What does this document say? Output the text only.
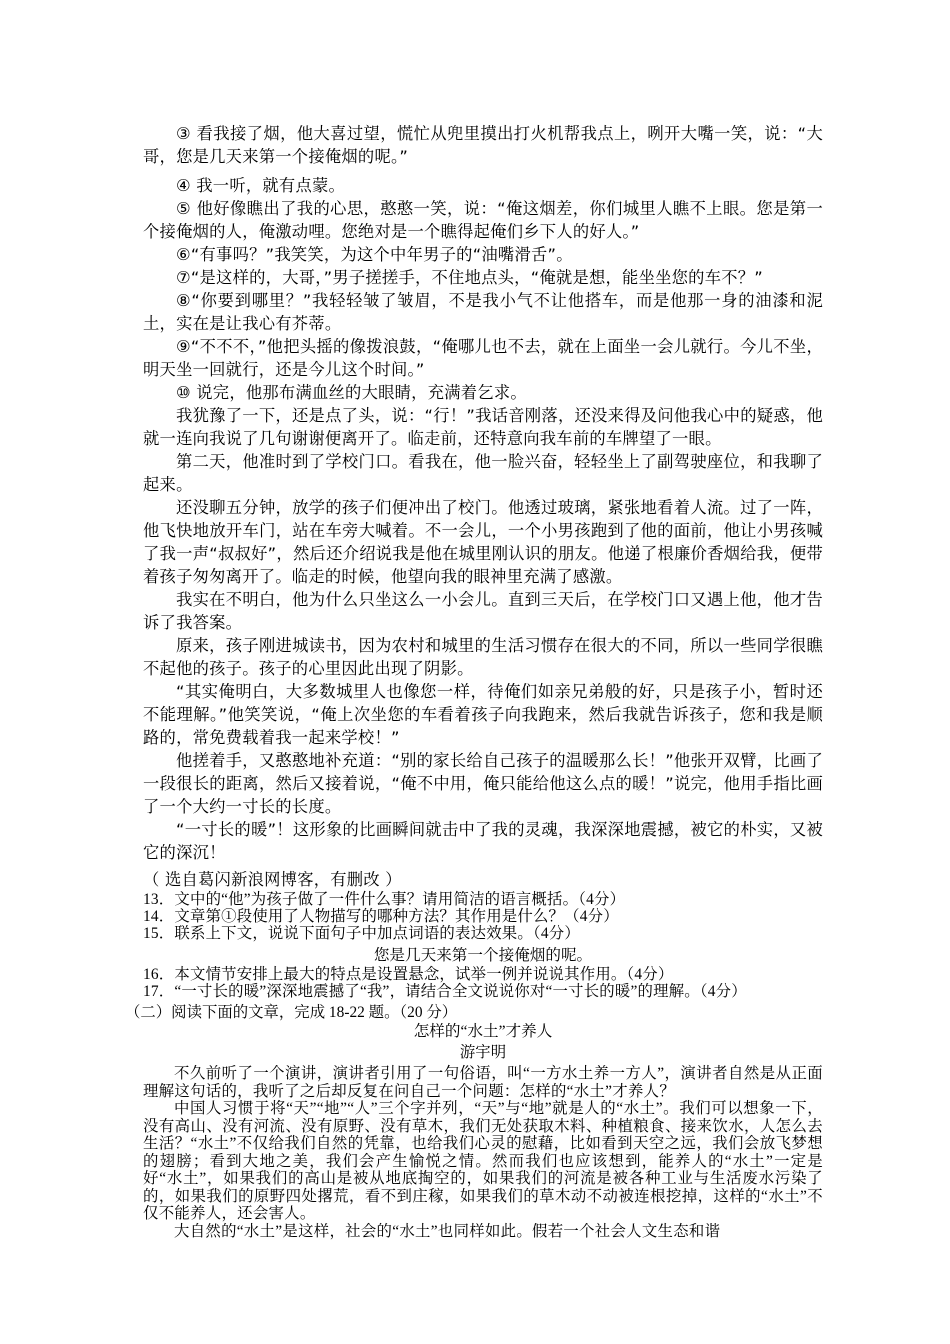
③ 看我接了烟，他大喜过望，慌忙从兜里摸出打火机帮我点上，咧开大嘴一笑，说：“大哥，您是几天来第一个接俺烟的呢。”

④ 我一听，就有点蒙。

⑤ 他好像瞧出了我的心思，憨憨一笑，说：“俺这烟差，你们城里人瞧不上眼。您是第一个接俺烟的人，俺激动哩。您绝对是一个瞧得起俺们乡下人的好人。”

⑥“有事吗？”我笑笑，为这个中年男子的“油嘴滑舌”。

⑦“是这样的，大哥，”男子搓搓手，不住地点头，“俺就是想，能坐坐您的车不？”

⑧“你要到哪里？”我轻轻皱了皱眉，不是我小气不让他搭车，而是他那一身的油漆和泥土，实在是让我心有芥蒂。

⑨“不不不，”他把头摇的像拨浪鼓，“俺哪儿也不去，就在上面坐一会儿就行。今儿不坐，明天坐一回就行，还是今儿这个时间。”

⑩ 说完，他那布满血丝的大眼睛，充满着乞求。

我犹豫了一下，还是点了头，说：“行！”我话音刚落，还没来得及问他我心中的疑惑，他就一连向我说了几句谢谢便离开了。临走前，还特意向我车前的车牌望了一眼。

第二天，他准时到了学校门口。看我在，他一脸兴奋，轻轻坐上了副驾驶座位，和我聊了起来。

还没聊五分钟，放学的孩子们便冲出了校门。他透过玻璃，紧张地看着人流。过了一阵，他飞快地放开车门，站在车旁大喊着。不一会儿，一个小男孩跑到了他的面前，他让小男孩喊了我一声“叔叔好”，然后还介绍说我是他在城里刚认识的朋友。他递了根廉价香烟给我，便带着孩子匆匆离开了。临走的时候，他望向我的眼神里充满了感激。

我实在不明白，他为什么只坐这么一小会儿。直到三天后，在学校门口又遇上他，他才告诉了我答案。

原来，孩子刚进城读书，因为农村和城里的生活习惯存在很大的不同，所以一些同学很瞧不起他的孩子。孩子的心里因此出现了阴影。

“其实俺明白，大多数城里人也像您一样，待俺们如亲兄弟般的好，只是孩子小，暂时还不能理解。”他笑笑说，“俺上次坐您的车看着孩子向我跑来，然后我就告诉孩子，您和我是顺路的，常免费载着我一起来学校！”

他搓着手，又憨憨地补充道：“别的家长给自己孩子的温暖那么长！”他张开双臂，比画了一段很长的距离，然后又接着说，“俺不中用，俺只能给他这么点的暖！”说完，他用手指比画了一个大约一寸长的长度。

“一寸长的暖”！这形象的比画瞬间就击中了我的灵魂，我深深地震撼，被它的朴实，又被它的深沉！

（ 选自葛闪新浪网博客，有删改 ）

13．文中的“他”为孩子做了一件什么事？请用简洁的语言概括。（4分）

14．文章第①段使用了人物描写的哪种方法？其作用是什么？（4分）

15．联系上下文，说说下面句子中加点词语的表达效果。（4分）

您是几天来第一个接俺烟的呢。

16．本文情节安排上最大的特点是设置悬念，试举一例并说说其作用。（4分）

17．“一寸长的暖”深深地震撼了“我”，请结合全文说说你对“一寸长的暖”的理解。（4分）

（二）阅读下面的文章，完成 18-22 题。（20 分）

怎样的“水土”才养人

游宇明

不久前听了一个演讲，演讲者引用了一句俗语，叫“一方水土养一方人”，演讲者自然是从正面理解这句话的，我听了之后却反复在问自己一个问题：怎样的“水土”才养人？

中国人习惯于将“天”“地”“人”三个字并列，“天”与“地”就是人的“水土”。我们可以想象一下，没有高山、没有河流、没有原野、没有草木，我们无处获取木料、种植粮食、接来饮水，人怎么去生活？“水土”不仅给我们自然的凭靠，也给我们心灵的慰藉，比如看到天空之远，我们会放飞梦想的翅膀；看到大地之美，我们会产生愉悦之情。然而我们也应该想到，能养人的“水土”一定是好“水土”，如果我们的高山是被从地底掏空的，如果我们的河流是被各种工业与生活废水污染了的，如果我们的原野四处撂荒，看不到庄稼，如果我们的草木动不动被连根挖掉，这样的“水土”不仅不能养人，还会害人。

大自然的“水土”是这样，社会的“水土”也同样如此。假若一个社会人文生态和谐
